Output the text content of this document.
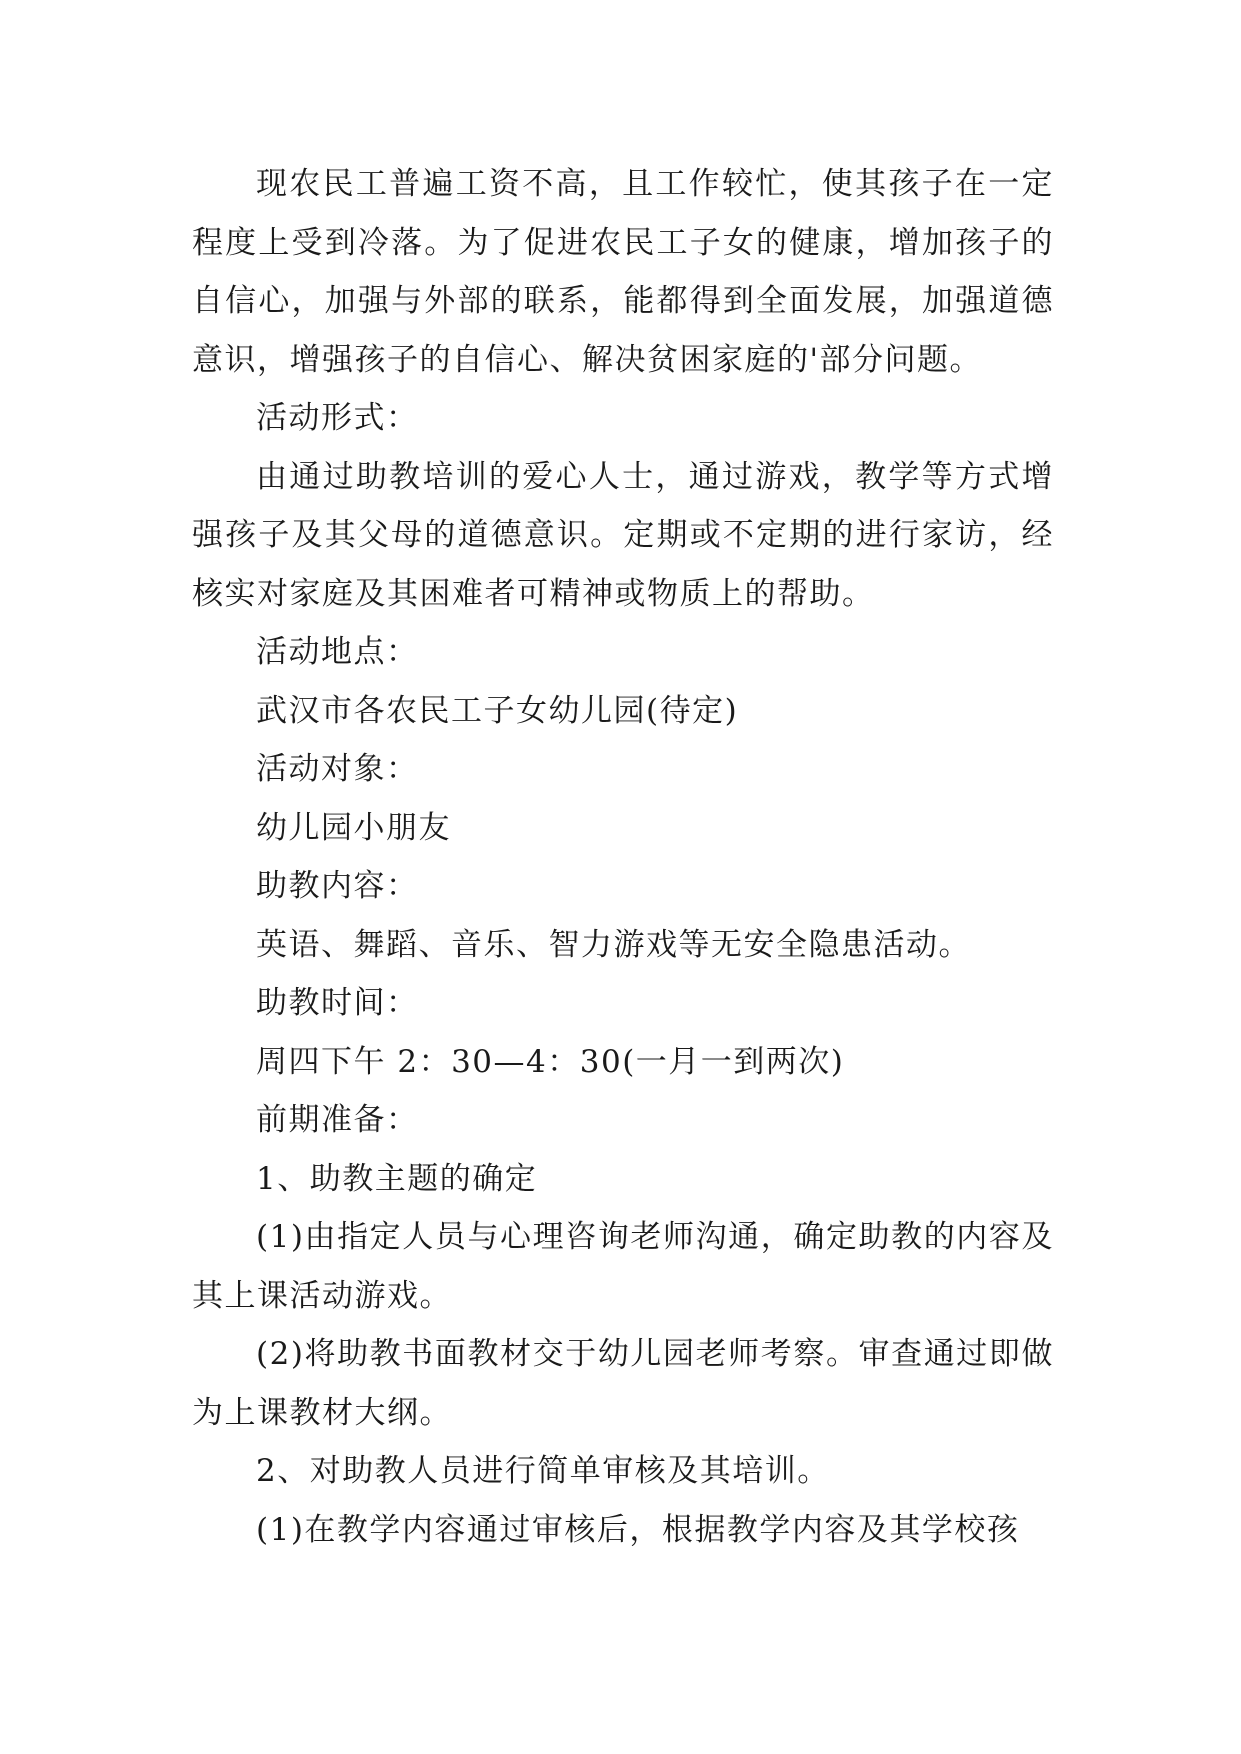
现农民工普遍工资不高，且工作较忙，使其孩子在一定程度上受到冷落。为了促进农民工子女的健康，增加孩子的自信心，加强与外部的联系，能都得到全面发展，加强道德意识，增强孩子的自信心、解决贫困家庭的'部分问题。

活动形式：

由通过助教培训的爱心人士，通过游戏，教学等方式增强孩子及其父母的道德意识。定期或不定期的进行家访，经核实对家庭及其困难者可精神或物质上的帮助。

活动地点：

武汉市各农民工子女幼儿园(待定)

活动对象：

幼儿园小朋友

助教内容：

英语、舞蹈、音乐、智力游戏等无安全隐患活动。

助教时间：

周四下午 2：30—4：30(一月一到两次)

前期准备：

1、助教主题的确定

(1)由指定人员与心理咨询老师沟通，确定助教的内容及其上课活动游戏。

(2)将助教书面教材交于幼儿园老师考察。审查通过即做为上课教材大纲。

2、对助教人员进行简单审核及其培训。

(1)在教学内容通过审核后，根据教学内容及其学校孩
